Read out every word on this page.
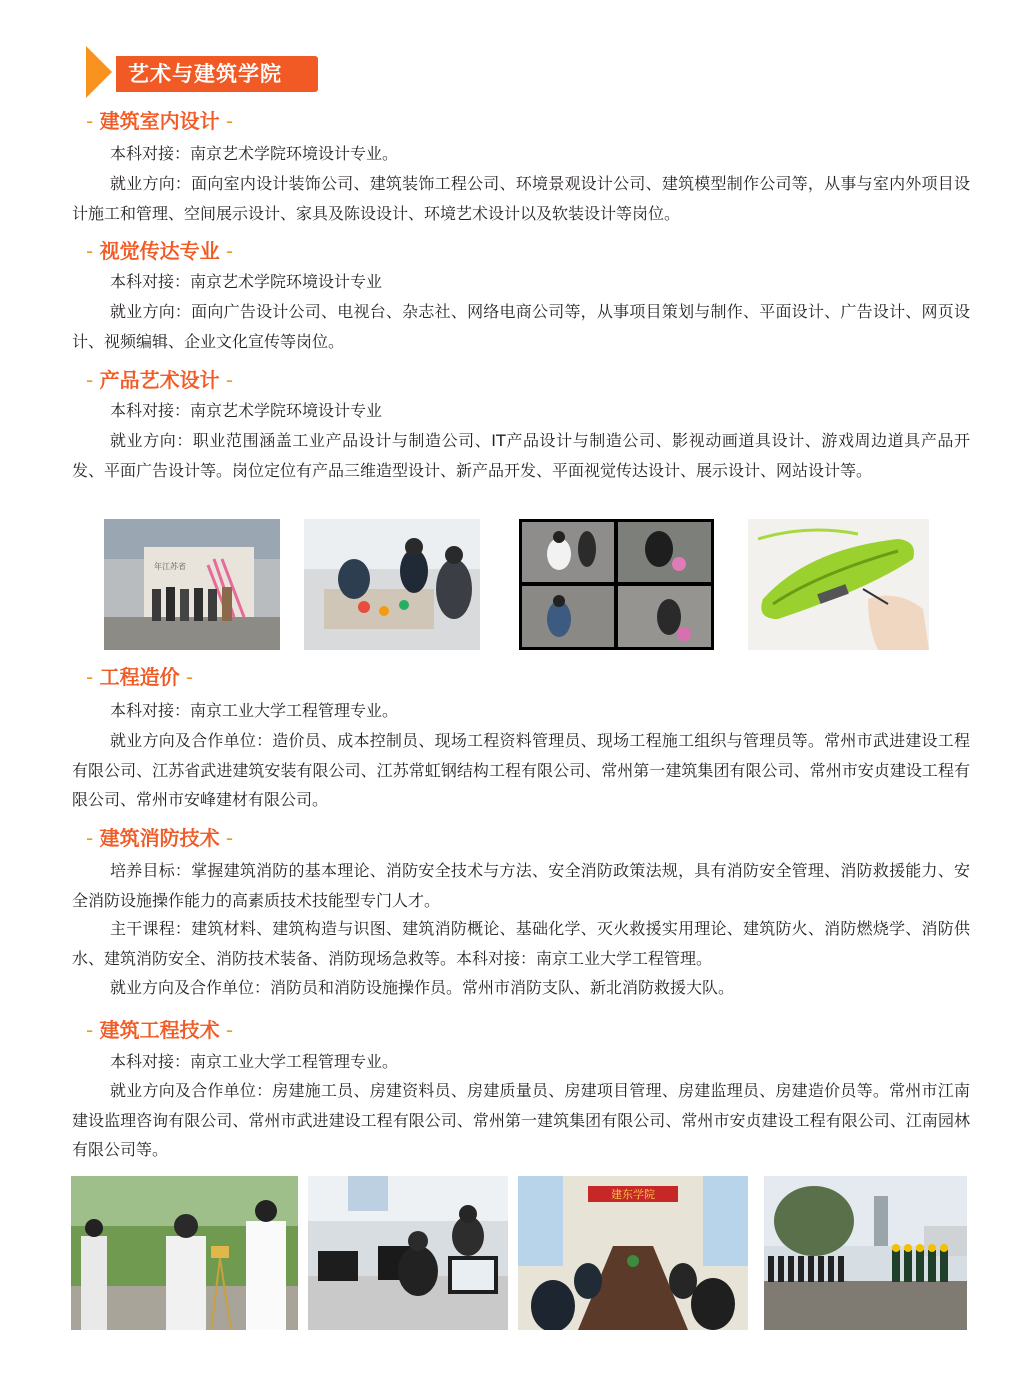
艺术与建筑学院
- 建筑室内设计 -
本科对接：南京艺术学院环境设计专业。
就业方向：面向室内设计装饰公司、建筑装饰工程公司、环境景观设计公司、建筑模型制作公司等，从事与室内外项目设计施工和管理、空间展示设计、家具及陈设设计、环境艺术设计以及软装设计等岗位。
- 视觉传达专业 -
本科对接：南京艺术学院环境设计专业
就业方向：面向广告设计公司、电视台、杂志社、网络电商公司等，从事项目策划与制作、平面设计、广告设计、网页设计、视频编辑、企业文化宣传等岗位。
- 产品艺术设计 -
本科对接：南京艺术学院环境设计专业
就业方向：职业范围涵盖工业产品设计与制造公司、IT产品设计与制造公司、影视动画道具设计、游戏周边道具产品开发、平面广告设计等。岗位定位有产品三维造型设计、新产品开发、平面视觉传达设计、展示设计、网站设计等。
年江苏省
- 工程造价 -
本科对接：南京工业大学工程管理专业。
就业方向及合作单位：造价员、成本控制员、现场工程资料管理员、现场工程施工组织与管理员等。常州市武进建设工程有限公司、江苏省武进建筑安装有限公司、江苏常虹钢结构工程有限公司、常州第一建筑集团有限公司、常州市安贞建设工程有限公司、常州市安峰建材有限公司。
- 建筑消防技术 -
培养目标：掌握建筑消防的基本理论、消防安全技术与方法、安全消防政策法规，具有消防安全管理、消防救援能力、安全消防设施操作能力的高素质技术技能型专门人才。
主干课程：建筑材料、建筑构造与识图、建筑消防概论、基础化学、灭火救援实用理论、建筑防火、消防燃烧学、消防供水、建筑消防安全、消防技术装备、消防现场急救等。本科对接：南京工业大学工程管理。
就业方向及合作单位：消防员和消防设施操作员。常州市消防支队、新北消防救援大队。
- 建筑工程技术 -
本科对接：南京工业大学工程管理专业。
就业方向及合作单位：房建施工员、房建资料员、房建质量员、房建项目管理、房建监理员、房建造价员等。常州市江南建设监理咨询有限公司、常州市武进建设工程有限公司、常州第一建筑集团有限公司、常州市安贞建设工程有限公司、江南园林有限公司等。
建东学院
